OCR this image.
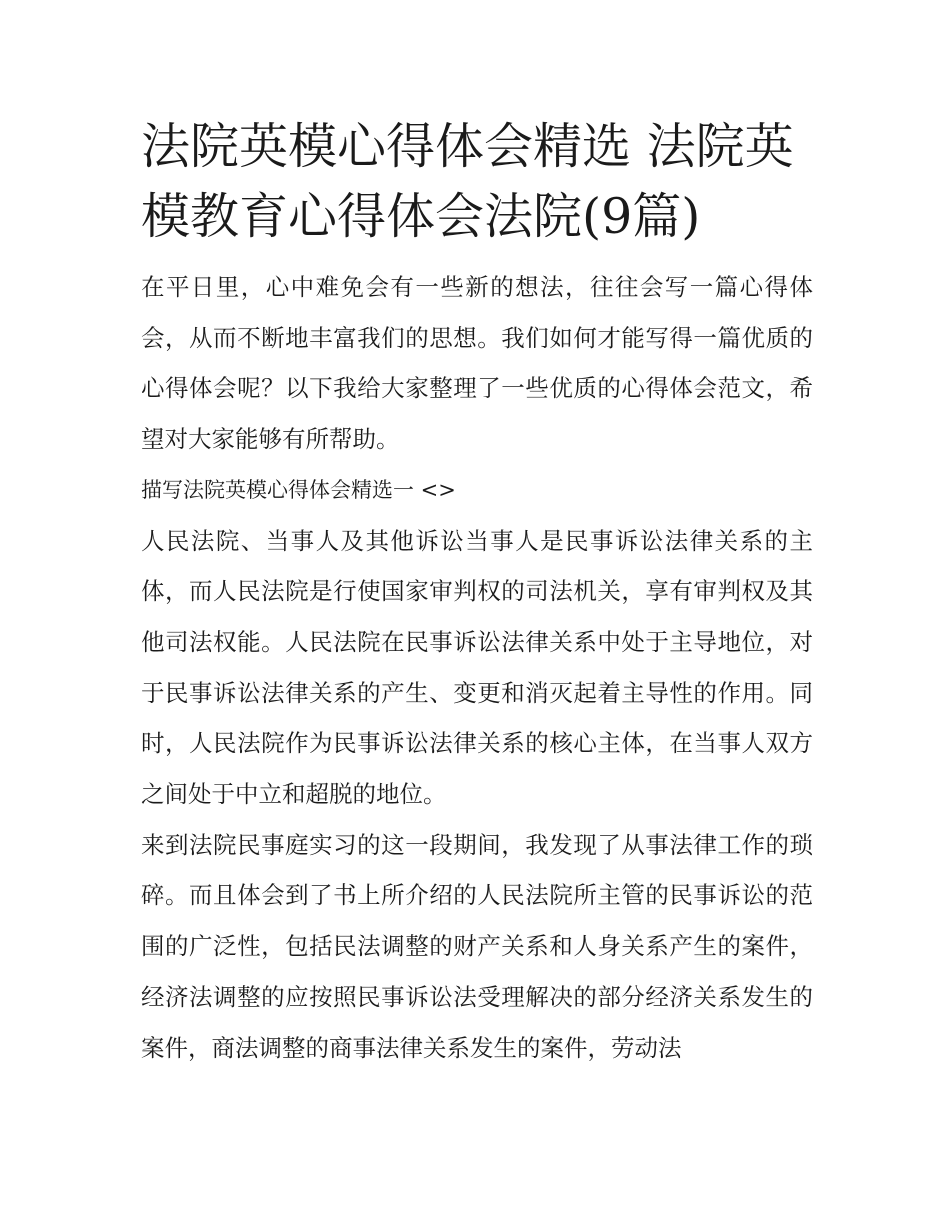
法院英模心得体会精选 法院英模教育心得体会法院(9篇)

在平日里，心中难免会有一些新的想法，往往会写一篇心得体会，从而不断地丰富我们的思想。我们如何才能写得一篇优质的心得体会呢？以下我给大家整理了一些优质的心得体会范文，希望对大家能够有所帮助。

描写法院英模心得体会精选一 <>

人民法院、当事人及其他诉讼当事人是民事诉讼法律关系的主体，而人民法院是行使国家审判权的司法机关，享有审判权及其他司法权能。人民法院在民事诉讼法律关系中处于主导地位，对于民事诉讼法律关系的产生、变更和消灭起着主导性的作用。同时，人民法院作为民事诉讼法律关系的核心主体，在当事人双方之间处于中立和超脱的地位。

来到法院民事庭实习的这一段期间，我发现了从事法律工作的琐碎。而且体会到了书上所介绍的人民法院所主管的民事诉讼的范围的广泛性，包括民法调整的财产关系和人身关系产生的案件，经济法调整的应按照民事诉讼法受理解决的部分经济关系发生的案件，商法调整的商事法律关系发生的案件，劳动法
